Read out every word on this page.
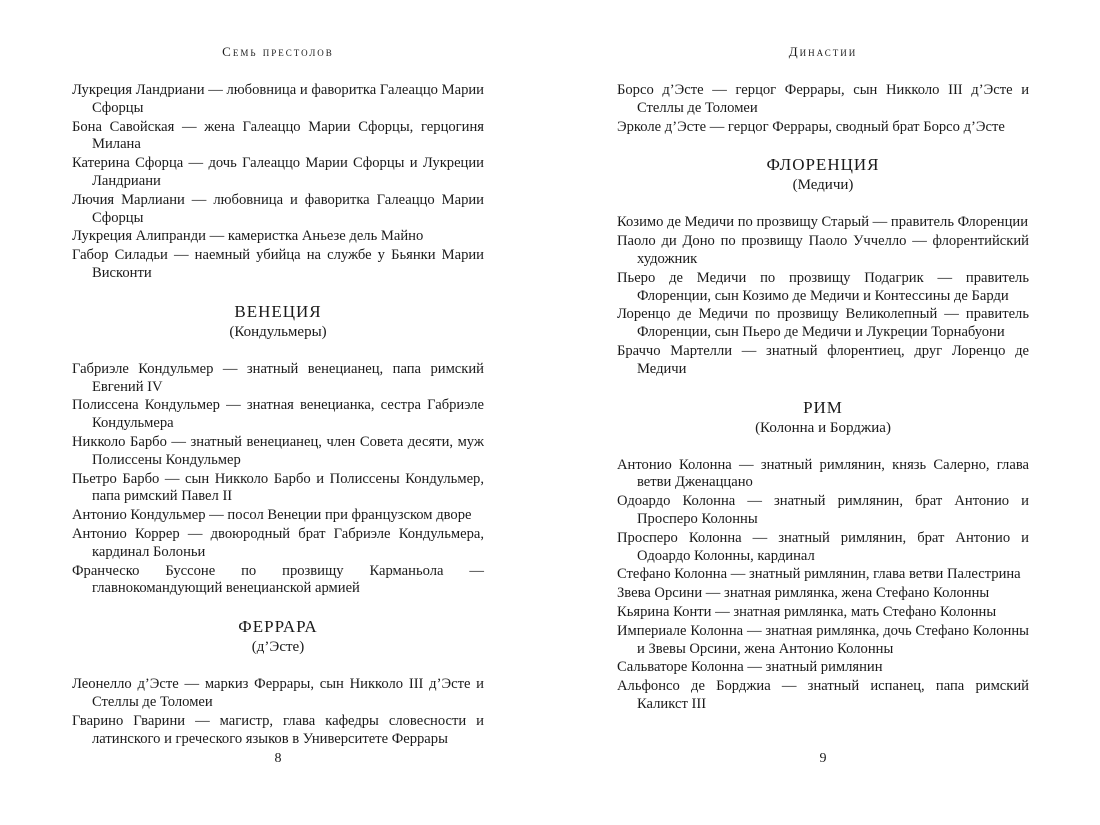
Семь престолов

Лукреция Ландриани — любовница и фаворитка Галеаццо Марии Сфорцы

Бона Савойская — жена Галеаццо Марии Сфорцы, герцогиня Милана

Катерина Сфорца — дочь Галеаццо Марии Сфорцы и Лукреции Ландриани

Лючия Марлиани — любовница и фаворитка Галеаццо Марии Сфорцы

Лукреция Алипранди — камеристка Аньезе дель Майно

Габор Силадьи — наемный убийца на службе у Бьянки Марии Висконти

ВЕНЕЦИЯ

(Кондульмеры)

Габриэле Кондульмер — знатный венецианец, папа римский Евгений IV

Полиссена Кондульмер — знатная венецианка, сестра Габриэле Кондульмера

Никколо Барбо — знатный венецианец, член Совета десяти, муж Полиссены Кондульмер

Пьетро Барбо — сын Никколо Барбо и Полиссены Кондульмер, папа римский Павел II

Антонио Кондульмер — посол Венеции при французском дворе

Антонио Коррер — двоюродный брат Габриэле Кондульмера, кардинал Болоньи

Франческо Буссоне по прозвищу Карманьола — главнокомандующий венецианской армией

ФЕРРАРА

(д’Эсте)

Леонелло д’Эсте — маркиз Феррары, сын Никколо III д’Эсте и Стеллы де Толомеи

Гварино Гварини — магистр, глава кафедры словесности и латинского и греческого языков в Университете Феррары

8
Династии

Борсо д’Эсте — герцог Феррары, сын Никколо III д’Эсте и Стеллы де Толомеи

Эрколе д’Эсте — герцог Феррары, сводный брат Борсо д’Эсте

ФЛОРЕНЦИЯ

(Медичи)

Козимо де Медичи по прозвищу Старый — правитель Флоренции

Паоло ди Доно по прозвищу Паоло Уччелло — флорентийский художник

Пьеро де Медичи по прозвищу Подагрик — правитель Флоренции, сын Козимо де Медичи и Контессины де Барди

Лоренцо де Медичи по прозвищу Великолепный — правитель Флоренции, сын Пьеро де Медичи и Лукреции Торнабуони

Браччо Мартелли — знатный флорентиец, друг Лоренцо де Медичи

РИМ

(Колонна и Борджиа)

Антонио Колонна — знатный римлянин, князь Салерно, глава ветви Дженаццано

Одоардо Колонна — знатный римлянин, брат Антонио и Просперо Колонны

Просперо Колонна — знатный римлянин, брат Антонио и Одоардо Колонны, кардинал

Стефано Колонна — знатный римлянин, глава ветви Палестрина

Звева Орсини — знатная римлянка, жена Стефано Колонны

Кьярина Конти — знатная римлянка, мать Стефано Колонны

Империале Колонна — знатная римлянка, дочь Стефано Колонны и Звевы Орсини, жена Антонио Колонны

Сальваторе Колонна — знатный римлянин

Альфонсо де Борджиа — знатный испанец, папа римский Каликст III

9
